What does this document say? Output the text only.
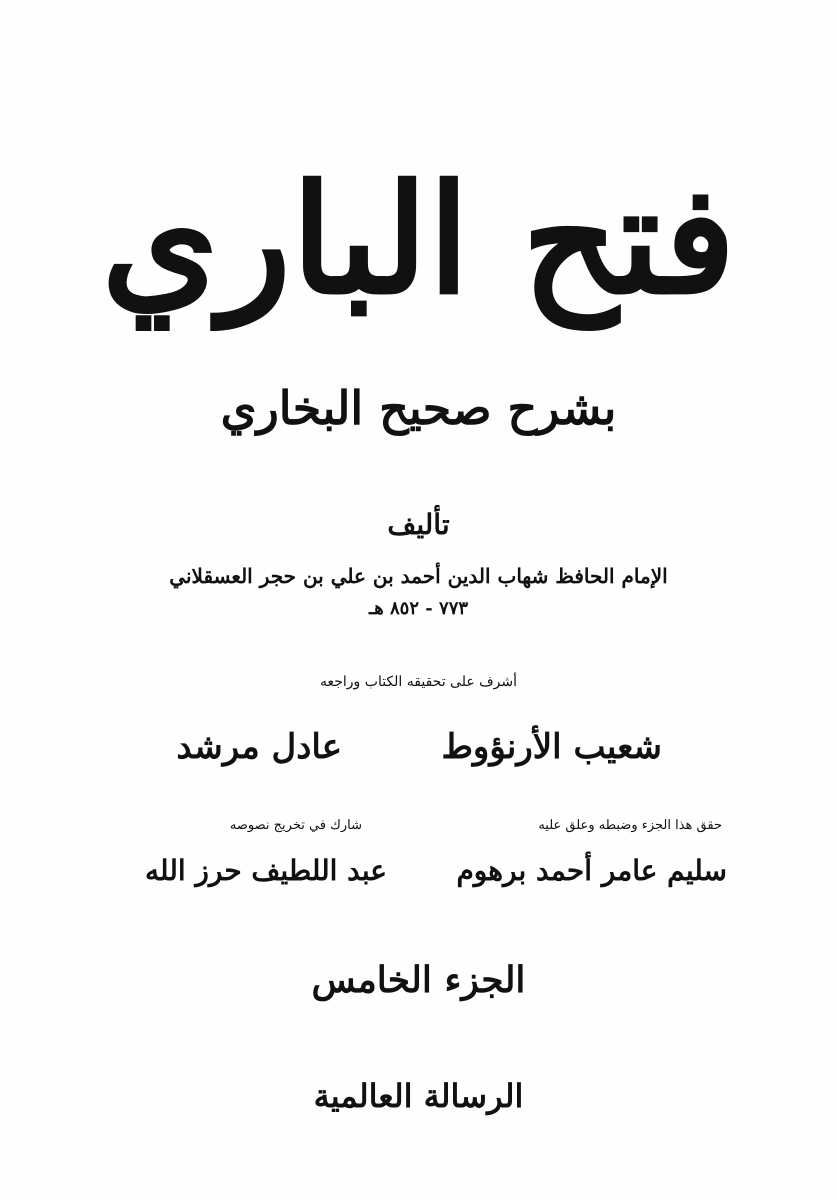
فتح الباري
بشرح صحيح البخاري
تأليف
الإمام الحافظ شهاب الدين أحمد بن علي بن حجر العسقلاني
٧٧٣ - ٨٥٢ هـ
أشرف على تحقيقه الكتاب وراجعه
شعيب الأرنؤوط
عادل مرشد
حقق هذا الجزء وضبطه وعلق عليه
شارك في تخريج نصوصه
سليم عامر أحمد برهوم
عبد اللطيف حرز الله
الجزء الخامس
الرسالة العالمية
